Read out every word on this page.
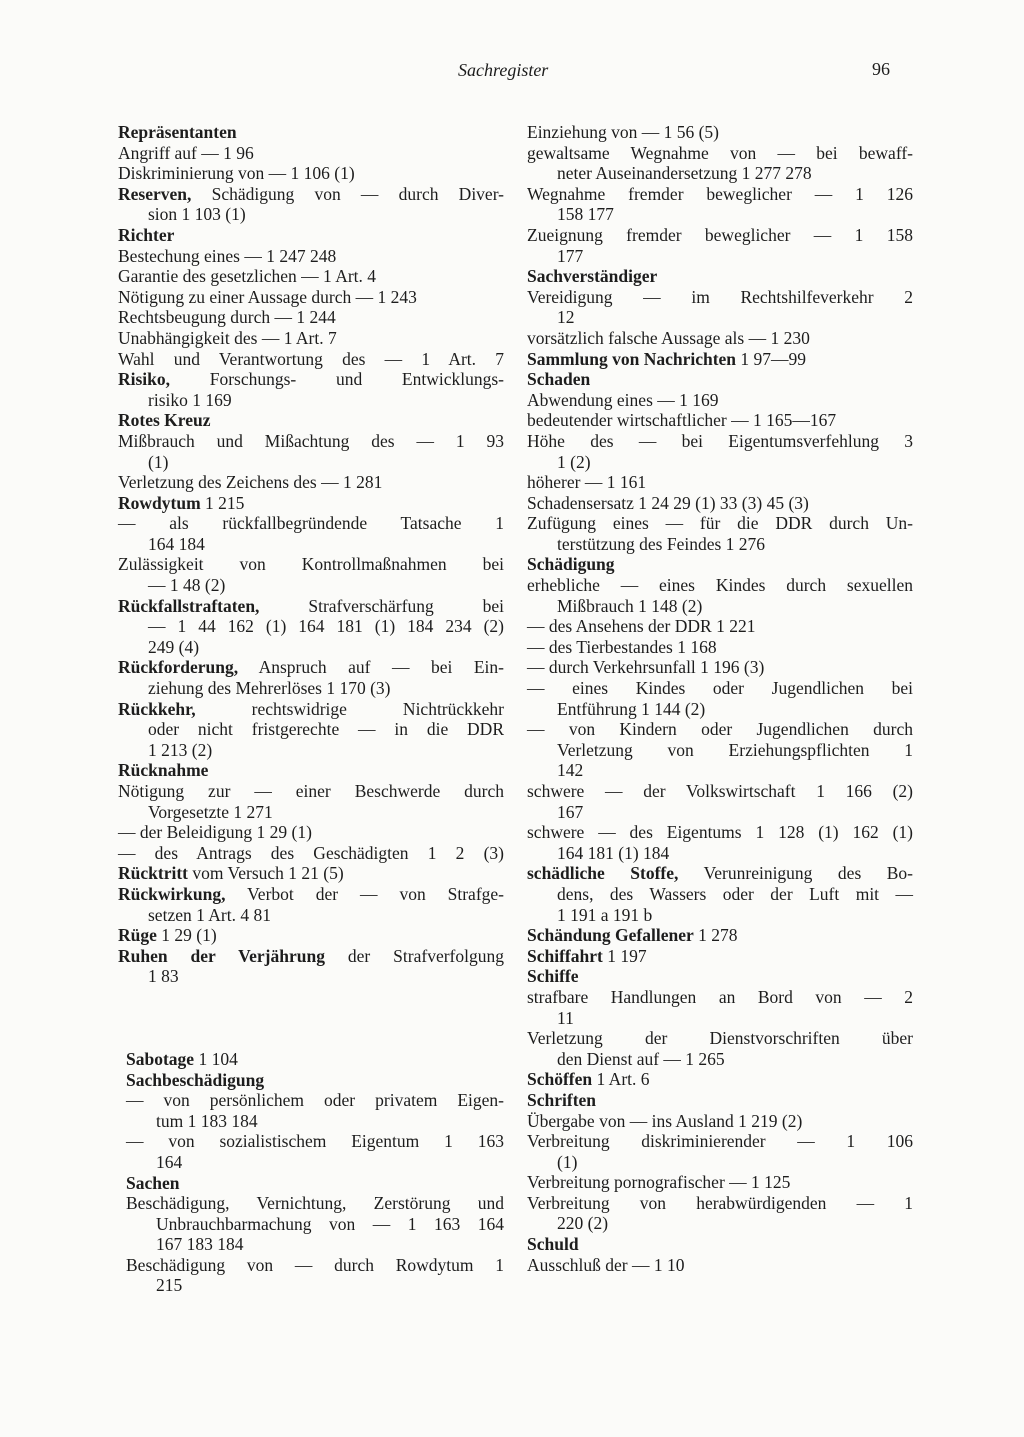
Sachregister	96
Repräsentanten
Angriff auf — 1 96
Diskriminierung von — 1 106 (1)
Reserven, Schädigung von — durch Diver-
sion 1 103 (1)
Richter
Bestechung eines — 1 247 248
Garantie des gesetzlichen — 1 Art. 4
Nötigung zu einer Aussage durch — 1 243
Rechtsbeugung durch — 1 244
Unabhängigkeit des — 1 Art. 7
Wahl und Verantwortung des — 1 Art. 7
Risiko, Forschungs- und Entwicklungs-
risiko 1 169
Rotes Kreuz
Mißbrauch und Mißachtung des — 1 93
(1)
Verletzung des Zeichens des — 1 281
Rowdytum 1 215
— als rückfallbegründende Tatsache 1
164 184
Zulässigkeit von Kontrollmaßnahmen bei
— 1 48 (2)
Rückfallstraftaten, Strafverschärfung bei
— 1 44 162 (1) 164 181 (1) 184 234 (2)
249 (4)
Rückforderung, Anspruch auf — bei Ein-
ziehung des Mehrerlöses 1 170 (3)
Rückkehr, rechtswidrige Nichtrückkehr
oder nicht fristgerechte — in die DDR
1 213 (2)
Rücknahme
Nötigung zur — einer Beschwerde durch
Vorgesetzte 1 271
— der Beleidigung 1 29 (1)
— des Antrags des Geschädigten 1 2 (3)
Rücktritt vom Versuch 1 21 (5)
Rückwirkung, Verbot der — von Strafge-
setzen 1 Art. 4 81
Rüge 1 29 (1)
Ruhen der Verjährung der Strafverfolgung
1 83
Sabotage 1 104
Sachbeschädigung
— von persönlichem oder privatem Eigen-
tum 1 183 184
— von sozialistischem Eigentum 1 163
164
Sachen
Beschädigung, Vernichtung, Zerstörung und
Unbrauchbarmachung von — 1 163 164
167 183 184
Beschädigung von — durch Rowdytum 1
215
Einziehung von — 1 56 (5)
gewaltsame Wegnahme von — bei bewaff-
neter Auseinandersetzung 1 277 278
Wegnahme fremder beweglicher — 1 126
158 177
Zueignung fremder beweglicher — 1 158
177
Sachverständiger
Vereidigung — im Rechtshilfeverkehr 2
12
vorsätzlich falsche Aussage als — 1 230
Sammlung von Nachrichten 1 97—99
Schaden
Abwendung eines — 1 169
bedeutender wirtschaftlicher — 1 165—167
Höhe des — bei Eigentumsverfehlung 3
1 (2)
höherer — 1 161
Schadensersatz 1 24 29 (1) 33 (3) 45 (3)
Zufügung eines — für die DDR durch Un-
terstützung des Feindes 1 276
Schädigung
erhebliche — eines Kindes durch sexuellen
Mißbrauch 1 148 (2)
— des Ansehens der DDR 1 221
— des Tierbestandes 1 168
— durch Verkehrsunfall 1 196 (3)
— eines Kindes oder Jugendlichen bei
Entführung 1 144 (2)
— von Kindern oder Jugendlichen durch
Verletzung von Erziehungspflichten 1
142
schwere — der Volkswirtschaft 1 166 (2)
167
schwere — des Eigentums 1 128 (1) 162 (1)
164 181 (1) 184
schädliche Stoffe, Verunreinigung des Bo-
dens, des Wassers oder der Luft mit —
1 191 a 191 b
Schändung Gefallener 1 278
Schiffahrt 1 197
Schiffe
strafbare Handlungen an Bord von — 2
11
Verletzung der Dienstvorschriften über
den Dienst auf — 1 265
Schöffen 1 Art. 6
Schriften
Übergabe von — ins Ausland 1 219 (2)
Verbreitung diskriminierender — 1 106
(1)
Verbreitung pornografischer — 1 125
Verbreitung von herabwürdigenden — 1
220 (2)
Schuld
Ausschluß der — 1 10
